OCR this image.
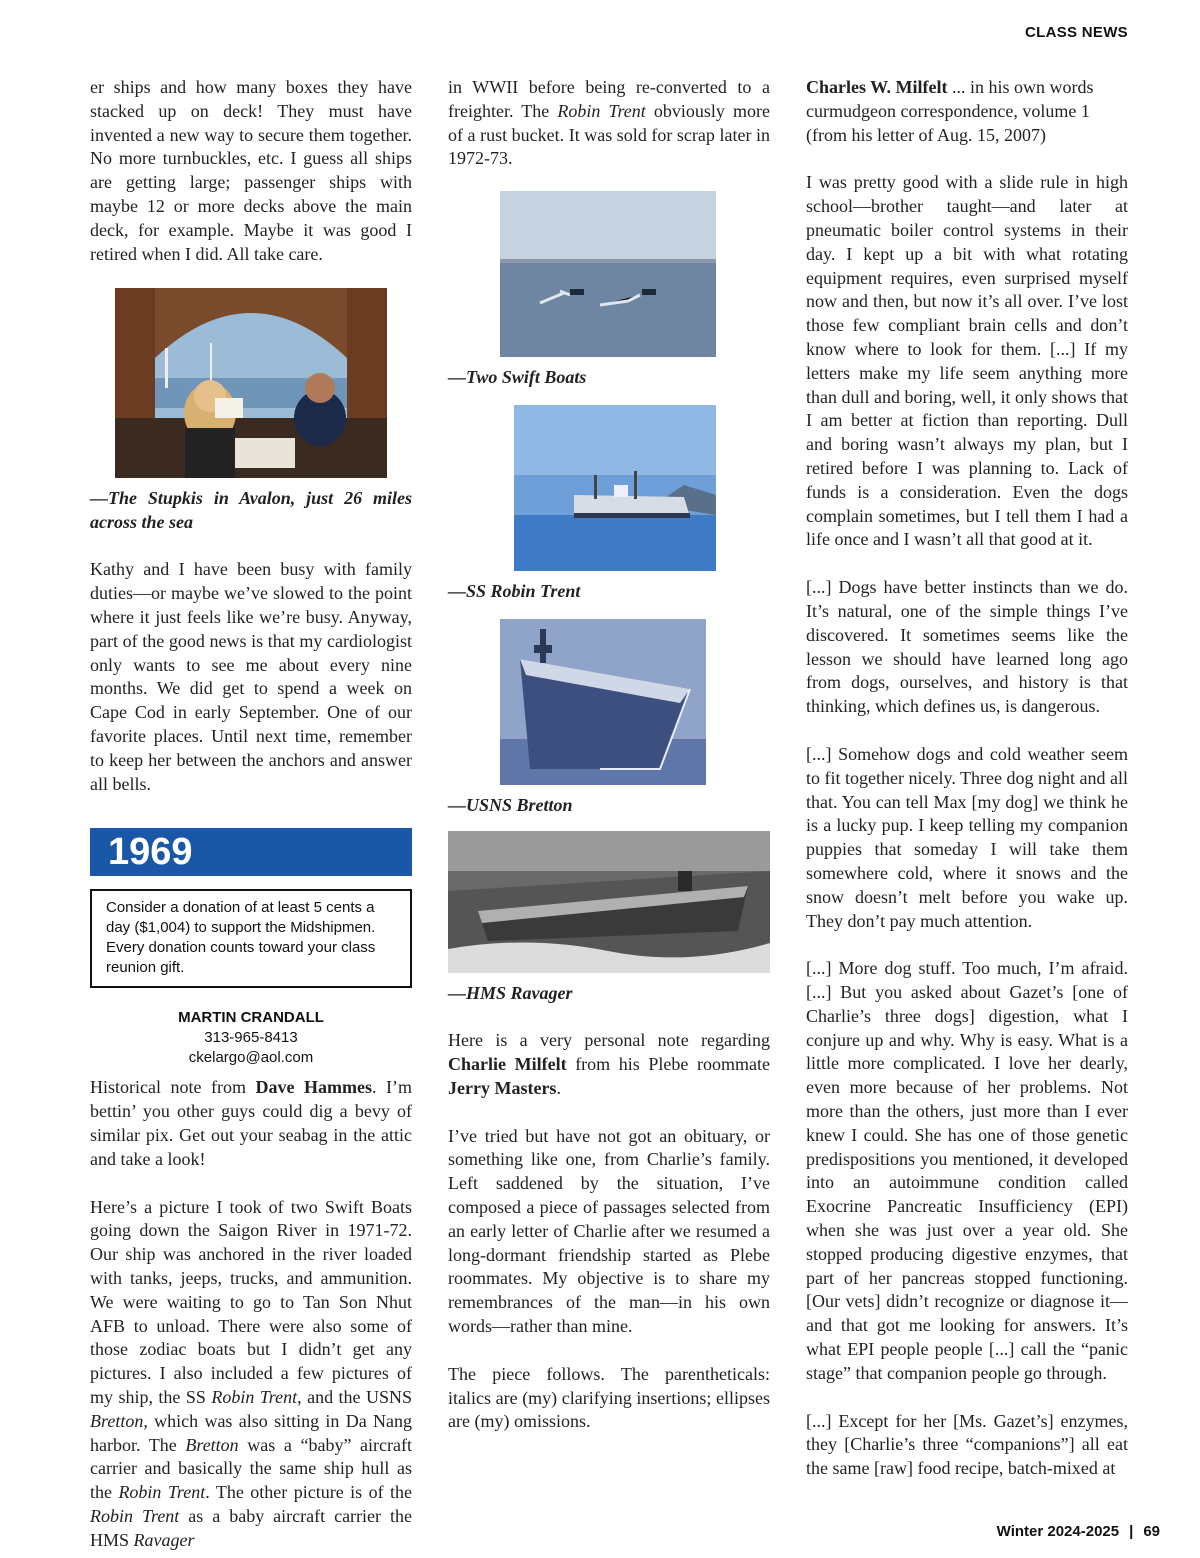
CLASS NEWS

er ships and how many boxes they have stacked up on deck! They must have invented a new way to secure them together. No more turnbuckles, etc. I guess all ships are getting large; passenger ships with maybe 12 or more decks above the main deck, for example. Maybe it was good I retired when I did. All take care.

—The Stupkis in Avalon, just 26 miles across the sea

Kathy and I have been busy with family duties—or maybe we’ve slowed to the point where it just feels like we’re busy. Anyway, part of the good news is that my cardiologist only wants to see me about every nine months. We did get to spend a week on Cape Cod in early September. One of our favorite places. Until next time, remember to keep her between the anchors and answer all bells.

1969
Consider a donation of at least 5 cents a day ($1,004) to support the Midshipmen. Every donation counts toward your class reunion gift.
MARTIN CRANDALL
313-965-8413
ckelargo@aol.com

Historical note from Dave Hammes. I’m bettin’ you other guys could dig a bevy of similar pix. Get out your seabag in the attic and take a look!

Here’s a picture I took of two Swift Boats going down the Saigon River in 1971-72. Our ship was anchored in the river loaded with tanks, jeeps, trucks, and ammunition. We were waiting to go to Tan Son Nhut AFB to unload. There were also some of those zodiac boats but I didn’t get any pictures. I also included a few pictures of my ship, the SS Robin Trent, and the USNS Bretton, which was also sitting in Da Nang harbor. The Bretton was a “baby” aircraft carrier and basically the same ship hull as the Robin Trent. The other picture is of the Robin Trent as a baby aircraft carrier the HMS Ravager

in WWII before being re-converted to a freighter. The Robin Trent obviously more of a rust bucket. It was sold for scrap later in 1972-73.

—Two Swift Boats

—SS Robin Trent

—USNS Bretton

—HMS Ravager

Here is a very personal note regarding Charlie Milfelt from his Plebe roommate Jerry Masters.

I’ve tried but have not got an obituary, or something like one, from Charlie’s family. Left saddened by the situation, I’ve composed a piece of passages selected from an early letter of Charlie after we resumed a long-dormant friendship started as Plebe roommates. My objective is to share my remembrances of the man—in his own words—rather than mine.

The piece follows. The parentheticals: italics are (my) clarifying insertions; ellipses are (my) omissions.

Charles W. Milfelt ... in his own words curmudgeon correspondence, volume 1 (from his letter of Aug. 15, 2007)

I was pretty good with a slide rule in high school—brother taught—and later at pneumatic boiler control systems in their day. I kept up a bit with what rotating equipment requires, even surprised myself now and then, but now it’s all over. I’ve lost those few compliant brain cells and don’t know where to look for them. [...] If my letters make my life seem anything more than dull and boring, well, it only shows that I am better at fiction than reporting. Dull and boring wasn’t always my plan, but I retired before I was planning to. Lack of funds is a consideration. Even the dogs complain sometimes, but I tell them I had a life once and I wasn’t all that good at it.

[...] Dogs have better instincts than we do. It’s natural, one of the simple things I’ve discovered. It sometimes seems like the lesson we should have learned long ago from dogs, ourselves, and history is that thinking, which defines us, is dangerous.

[...] Somehow dogs and cold weather seem to fit together nicely. Three dog night and all that. You can tell Max [my dog] we think he is a lucky pup. I keep telling my companion puppies that someday I will take them somewhere cold, where it snows and the snow doesn’t melt before you wake up. They don’t pay much attention.

[...] More dog stuff. Too much, I’m afraid. [...] But you asked about Gazet’s [one of Charlie’s three dogs] digestion, what I conjure up and why. Why is easy. What is a little more complicated. I love her dearly, even more because of her problems. Not more than the others, just more than I ever knew I could. She has one of those genetic predispositions you mentioned, it developed into an autoimmune condition called Exocrine Pancreatic Insufficiency (EPI) when she was just over a year old. She stopped producing digestive enzymes, that part of her pancreas stopped functioning. [Our vets] didn’t recognize or diagnose it—and that got me looking for answers. It’s what EPI people people [...] call the “panic stage” that companion people go through.

[...] Except for her [Ms. Gazet’s] enzymes, they [Charlie’s three “companions”] all eat the same [raw] food recipe, batch-mixed at

Winter 2024-2025 | 69
